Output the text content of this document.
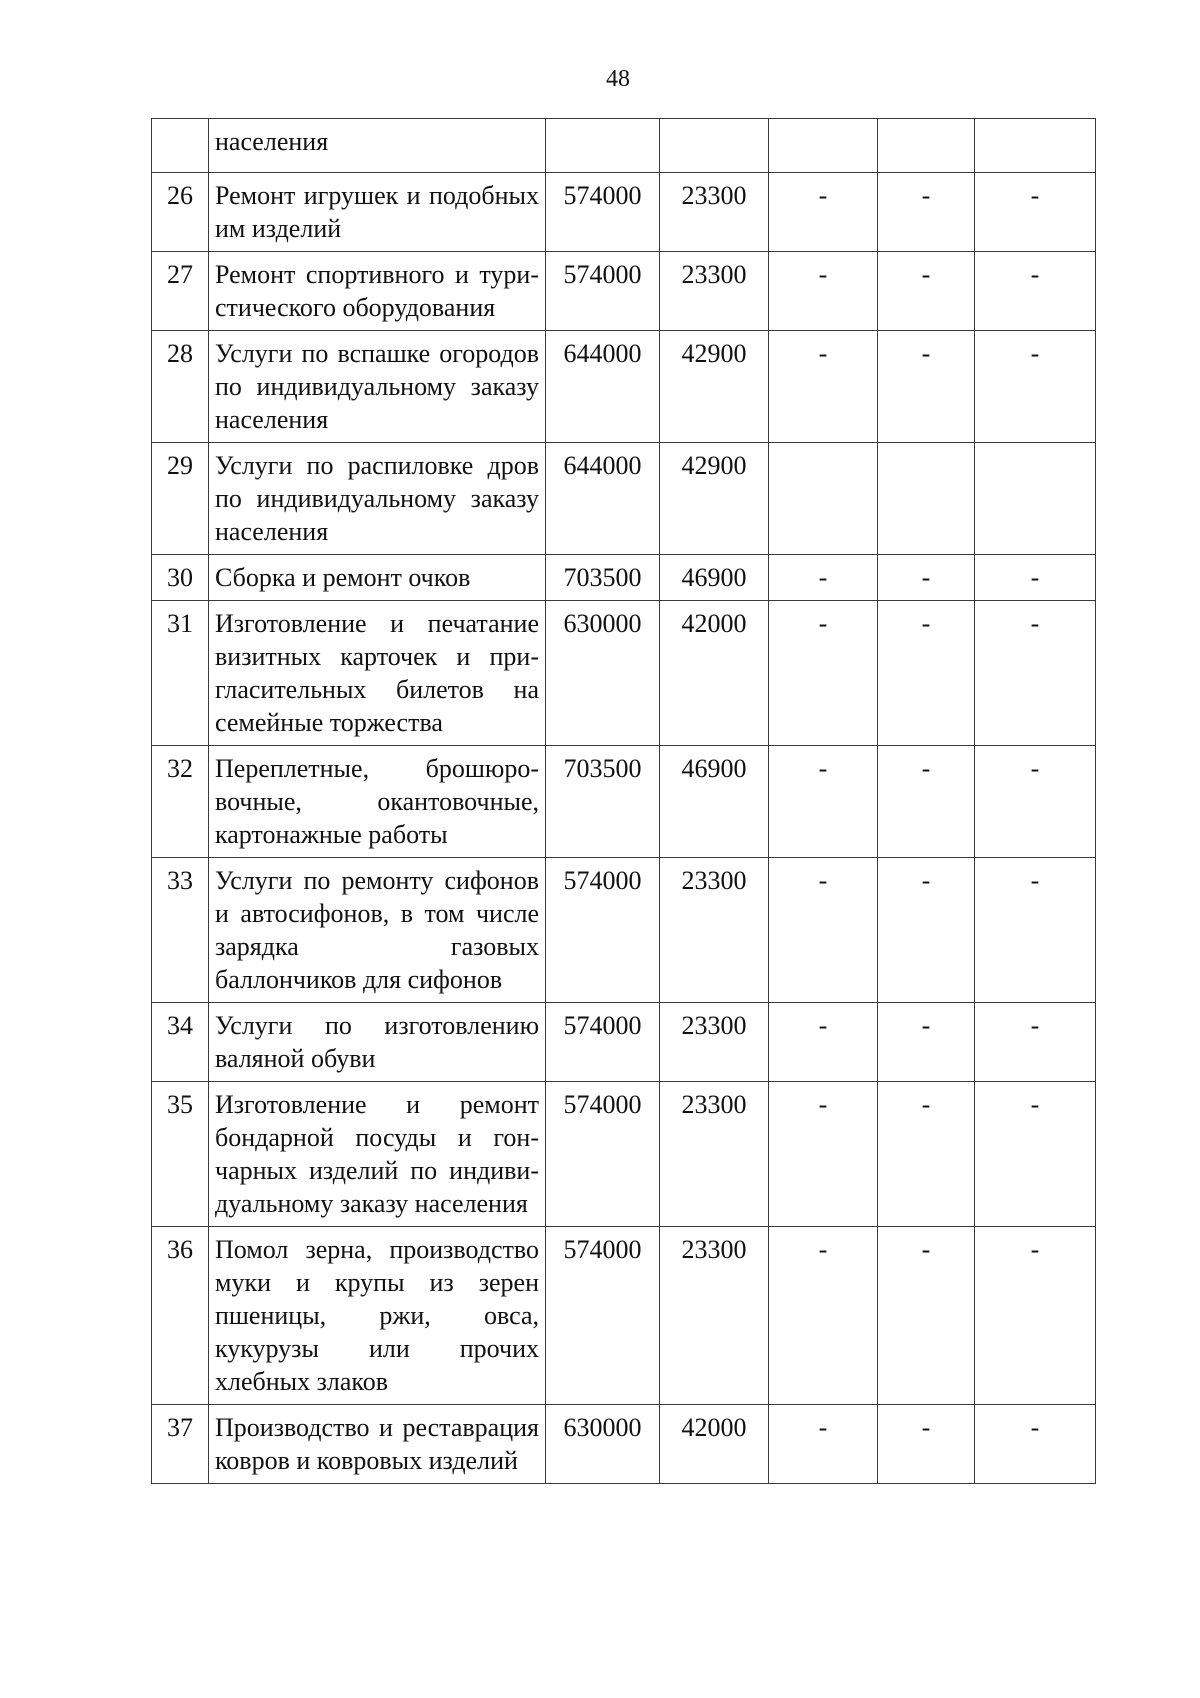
48
	населения					
26	Ремонт игрушек и подобных им изделий	574000	23300	-	-	-
27	Ремонт спортивного и туристического оборудования	574000	23300	-	-	-
28	Услуги по вспашке огородов по индивидуальному заказу населения	644000	42900	-	-	-
29	Услуги по распиловке дров по индивидуальному заказу населения	644000	42900			
30	Сборка и ремонт очков	703500	46900	-	-	-
31	Изготовление и печатание визитных карточек и пригласительных билетов на семейные торжества	630000	42000	-	-	-
32	Переплетные, брошюровочные, окантовочные, картонажные работы	703500	46900	-	-	-
33	Услуги по ремонту сифонов и автосифонов, в том числе зарядка газовых баллончиков для сифонов	574000	23300	-	-	-
34	Услуги по изготовлению валяной обуви	574000	23300	-	-	-
35	Изготовление и ремонт бондарной посуды и гончарных изделий по индивидуальному заказу населения	574000	23300	-	-	-
36	Помол зерна, производство муки и крупы из зерен пшеницы, ржи, овса, кукурузы или прочих хлебных злаков	574000	23300	-	-	-
37	Производство и реставрация ковров и ковровых изделий	630000	42000	-	-	-
